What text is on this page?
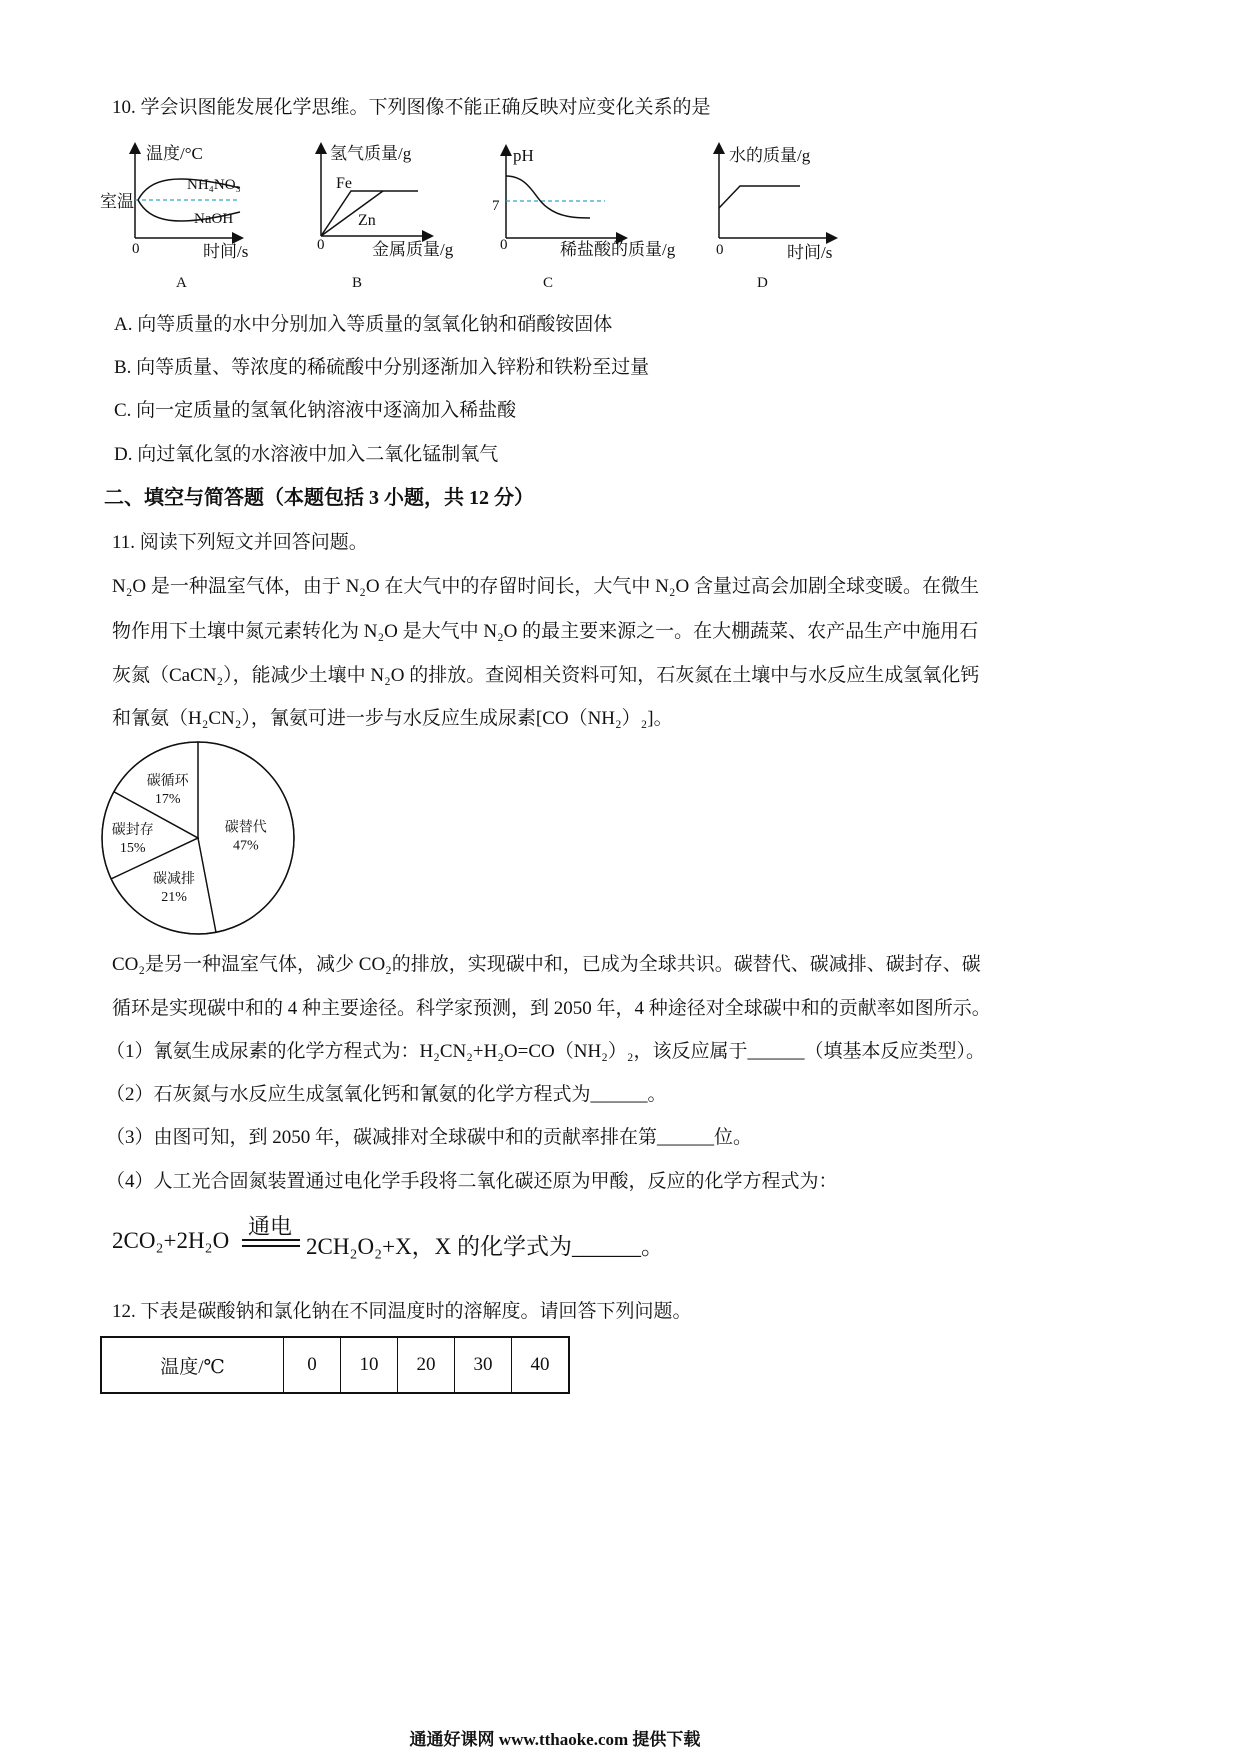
10. 学会识图能发展化学思维。下列图像不能正确反映对应变化关系的是
温度/°C
室温
NH₄NO₃
NaOH
0	时间/s
A
氢气质量/g
Fe
Zn
0	金属质量/g
B
pH
7
0	稀盐酸的质量/g
C
水的质量/g
0	时间/s
D
A. 向等质量的水中分别加入等质量的氢氧化钠和硝酸铵固体
B. 向等质量、等浓度的稀硫酸中分别逐渐加入锌粉和铁粉至过量
C. 向一定质量的氢氧化钠溶液中逐滴加入稀盐酸
D. 向过氧化氢的水溶液中加入二氧化锰制氧气
二、填空与简答题（本题包括 3 小题，共 12 分）
11. 阅读下列短文并回答问题。
N₂O 是一种温室气体，由于 N₂O 在大气中的存留时间长，大气中 N₂O 含量过高会加剧全球变暖。在微生
物作用下土壤中氮元素转化为 N₂O 是大气中 N₂O 的最主要来源之一。在大棚蔬菜、农产品生产中施用石
灰氮（CaCN₂），能减少土壤中 N₂O 的排放。查阅相关资料可知，石灰氮在土壤中与水反应生成氢氧化钙
和氰氨（H₂CN₂），氰氨可进一步与水反应生成尿素[CO（NH₂）₂]。
碳替代
47%
碳减排
21%
碳封存
15%
碳循环
17%
CO₂是另一种温室气体，减少 CO₂的排放，实现碳中和，已成为全球共识。碳替代、碳减排、碳封存、碳
循环是实现碳中和的 4 种主要途径。科学家预测，到 2050 年，4 种途径对全球碳中和的贡献率如图所示。
（1）氰氨生成尿素的化学方程式为：H₂CN₂+H₂O=CO（NH₂）₂，该反应属于______（填基本反应类型）。
（2）石灰氮与水反应生成氢氧化钙和氰氨的化学方程式为______。
（3）由图可知，到 2050 年，碳减排对全球碳中和的贡献率排在第______位。
（4）人工光合固氮装置通过电化学手段将二氧化碳还原为甲酸，反应的化学方程式为：
2CO₂+2H₂O
通电
2CH₂O₂+X，X 的化学式为______。
12. 下表是碳酸钠和氯化钠在不同温度时的溶解度。请回答下列问题。
温度/℃	0	10	20	30	40
通通好课网 www.tthaoke.com 提供下载
